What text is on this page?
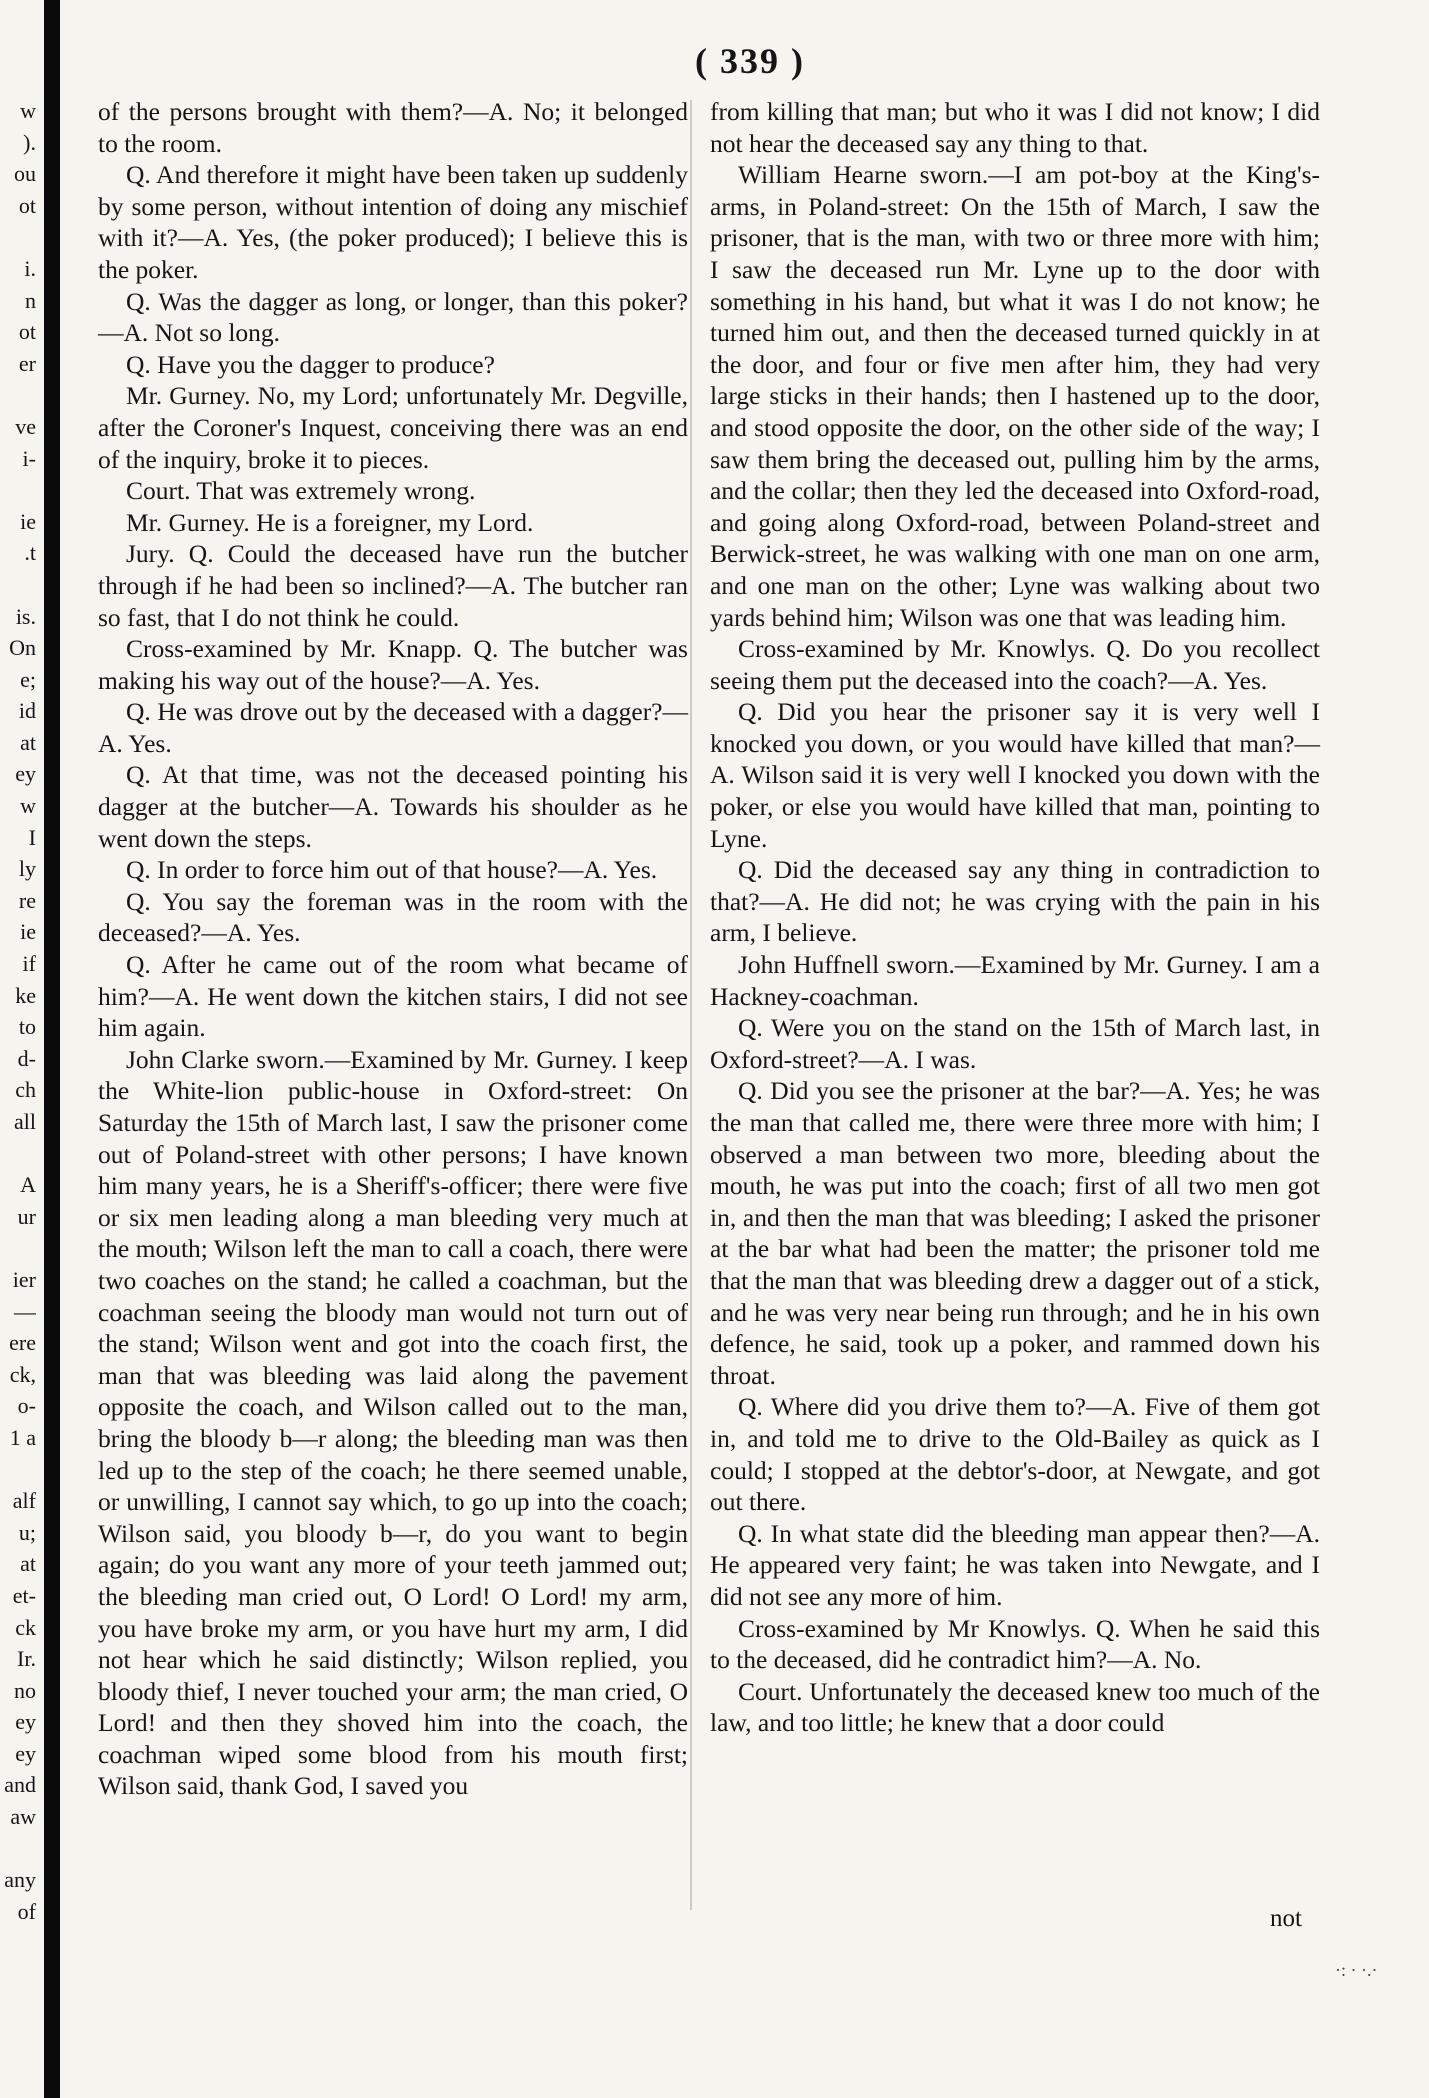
w
).
ou
ot
i.
n
ot
er
ve
i-
ie
.t
is.
On
e;
id
at
ey
w
I
ly
re
ie
if
ke
to
d-
ch
all
A
ur
ier
—
ere
ck,
o-
1 a
alf
u;
at
et-
ck
Ir.
no
ey
ey
and
aw
any
of
( 339 )

of the persons brought with them?—A. No; it belonged to the room.

Q. And therefore it might have been taken up suddenly by some person, without intention of doing any mischief with it?—A. Yes, (the poker produced); I believe this is the poker.

Q. Was the dagger as long, or longer, than this poker?—A. Not so long.

Q. Have you the dagger to produce?

Mr. Gurney. No, my Lord; unfortunately Mr. Degville, after the Coroner's Inquest, conceiving there was an end of the inquiry, broke it to pieces.

Court. That was extremely wrong.

Mr. Gurney. He is a foreigner, my Lord.

Jury. Q. Could the deceased have run the butcher through if he had been so inclined?—A. The butcher ran so fast, that I do not think he could.

Cross-examined by Mr. Knapp. Q. The butcher was making his way out of the house?—A. Yes.

Q. He was drove out by the deceased with a dagger?—A. Yes.

Q. At that time, was not the deceased pointing his dagger at the butcher—A. Towards his shoulder as he went down the steps.

Q. In order to force him out of that house?—A. Yes.

Q. You say the foreman was in the room with the deceased?—A. Yes.

Q. After he came out of the room what became of him?—A. He went down the kitchen stairs, I did not see him again.

John Clarke sworn.—Examined by Mr. Gurney. I keep the White-lion public-house in Oxford-street: On Saturday the 15th of March last, I saw the prisoner come out of Poland-street with other persons; I have known him many years, he is a Sheriff's-officer; there were five or six men leading along a man bleeding very much at the mouth; Wilson left the man to call a coach, there were two coaches on the stand; he called a coachman, but the coachman seeing the bloody man would not turn out of the stand; Wilson went and got into the coach first, the man that was bleeding was laid along the pavement opposite the coach, and Wilson called out to the man, bring the bloody b—r along; the bleeding man was then led up to the step of the coach; he there seemed unable, or unwilling, I cannot say which, to go up into the coach; Wilson said, you bloody b—r, do you want to begin again; do you want any more of your teeth jammed out; the bleeding man cried out, O Lord! O Lord! my arm, you have broke my arm, or you have hurt my arm, I did not hear which he said distinctly; Wilson replied, you bloody thief, I never touched your arm; the man cried, O Lord! and then they shoved him into the coach, the coachman wiped some blood from his mouth first; Wilson said, thank God, I saved you

from killing that man; but who it was I did not know; I did not hear the deceased say any thing to that.

William Hearne sworn.—I am pot-boy at the King's-arms, in Poland-street: On the 15th of March, I saw the prisoner, that is the man, with two or three more with him; I saw the deceased run Mr. Lyne up to the door with something in his hand, but what it was I do not know; he turned him out, and then the deceased turned quickly in at the door, and four or five men after him, they had very large sticks in their hands; then I hastened up to the door, and stood opposite the door, on the other side of the way; I saw them bring the deceased out, pulling him by the arms, and the collar; then they led the deceased into Oxford-road, and going along Oxford-road, between Poland-street and Berwick-street, he was walking with one man on one arm, and one man on the other; Lyne was walking about two yards behind him; Wilson was one that was leading him.

Cross-examined by Mr. Knowlys. Q. Do you recollect seeing them put the deceased into the coach?—A. Yes.

Q. Did you hear the prisoner say it is very well I knocked you down, or you would have killed that man?—A. Wilson said it is very well I knocked you down with the poker, or else you would have killed that man, pointing to Lyne.

Q. Did the deceased say any thing in contradiction to that?—A. He did not; he was crying with the pain in his arm, I believe.

John Huffnell sworn.—Examined by Mr. Gurney. I am a Hackney-coachman.

Q. Were you on the stand on the 15th of March last, in Oxford-street?—A. I was.

Q. Did you see the prisoner at the bar?—A. Yes; he was the man that called me, there were three more with him; I observed a man between two more, bleeding about the mouth, he was put into the coach; first of all two men got in, and then the man that was bleeding; I asked the prisoner at the bar what had been the matter; the prisoner told me that the man that was bleeding drew a dagger out of a stick, and he was very near being run through; and he in his own defence, he said, took up a poker, and rammed down his throat.

Q. Where did you drive them to?—A. Five of them got in, and told me to drive to the Old-Bailey as quick as I could; I stopped at the debtor's-door, at Newgate, and got out there.

Q. In what state did the bleeding man appear then?—A. He appeared very faint; he was taken into Newgate, and I did not see any more of him.

Cross-examined by Mr Knowlys. Q. When he said this to the deceased, did he contradict him?—A. No.

Court. Unfortunately the deceased knew too much of the law, and too little; he knew that a door could

not
·: · ·.·
